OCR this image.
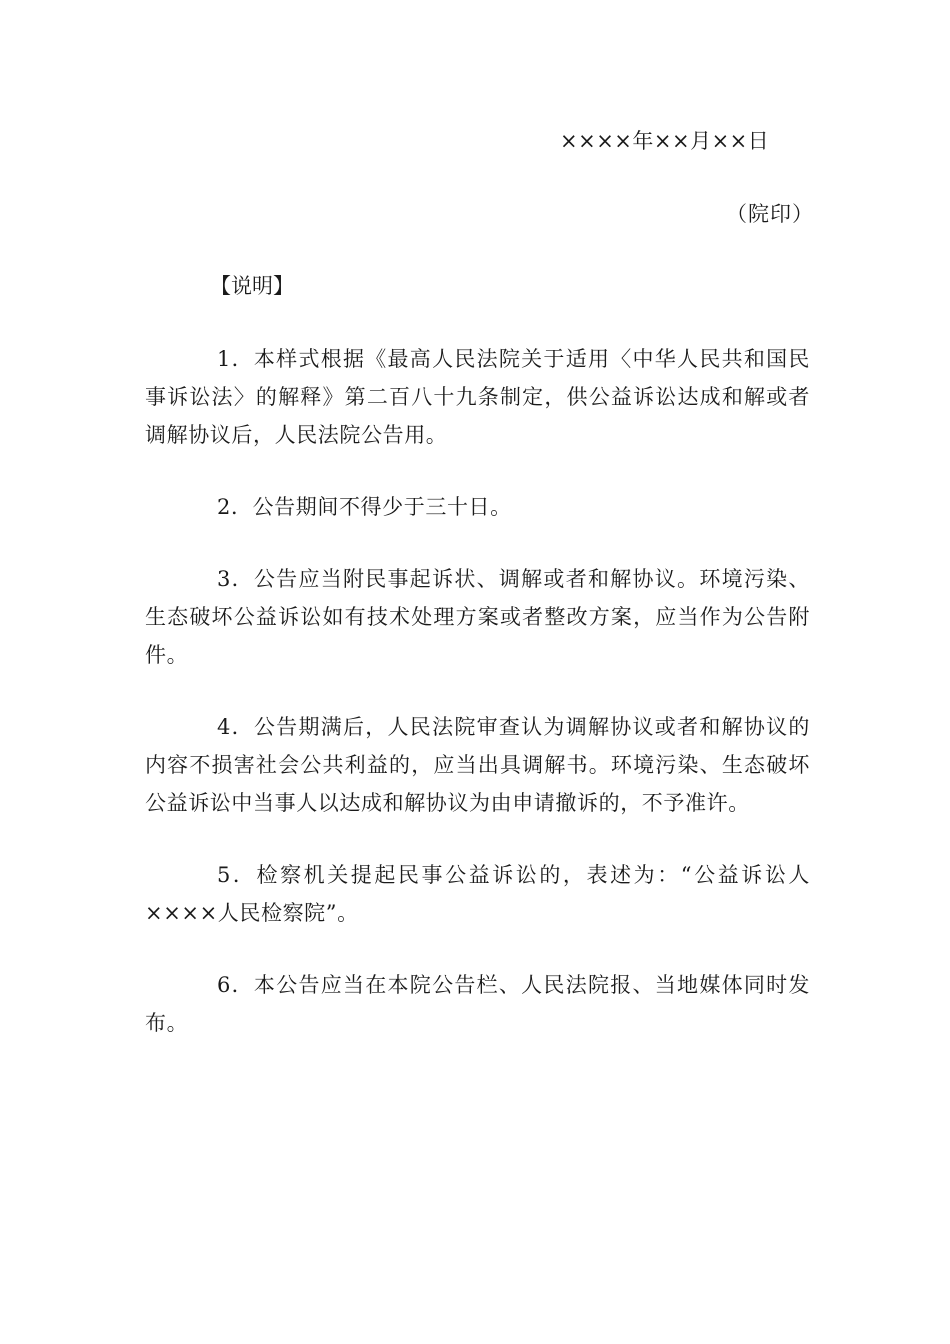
××××年××月××日
（院印）
【说明】

1．本样式根据《最高人民法院关于适用〈中华人民共和国民事诉讼法〉的解释》第二百八十九条制定，供公益诉讼达成和解或者调解协议后，人民法院公告用。

2．公告期间不得少于三十日。

3．公告应当附民事起诉状、调解或者和解协议。环境污染、生态破坏公益诉讼如有技术处理方案或者整改方案，应当作为公告附件。

4．公告期满后，人民法院审查认为调解协议或者和解协议的内容不损害社会公共利益的，应当出具调解书。环境污染、生态破坏公益诉讼中当事人以达成和解协议为由申请撤诉的，不予准许。

5．检察机关提起民事公益诉讼的，表述为：“公益诉讼人××××人民检察院”。

6．本公告应当在本院公告栏、人民法院报、当地媒体同时发布。
